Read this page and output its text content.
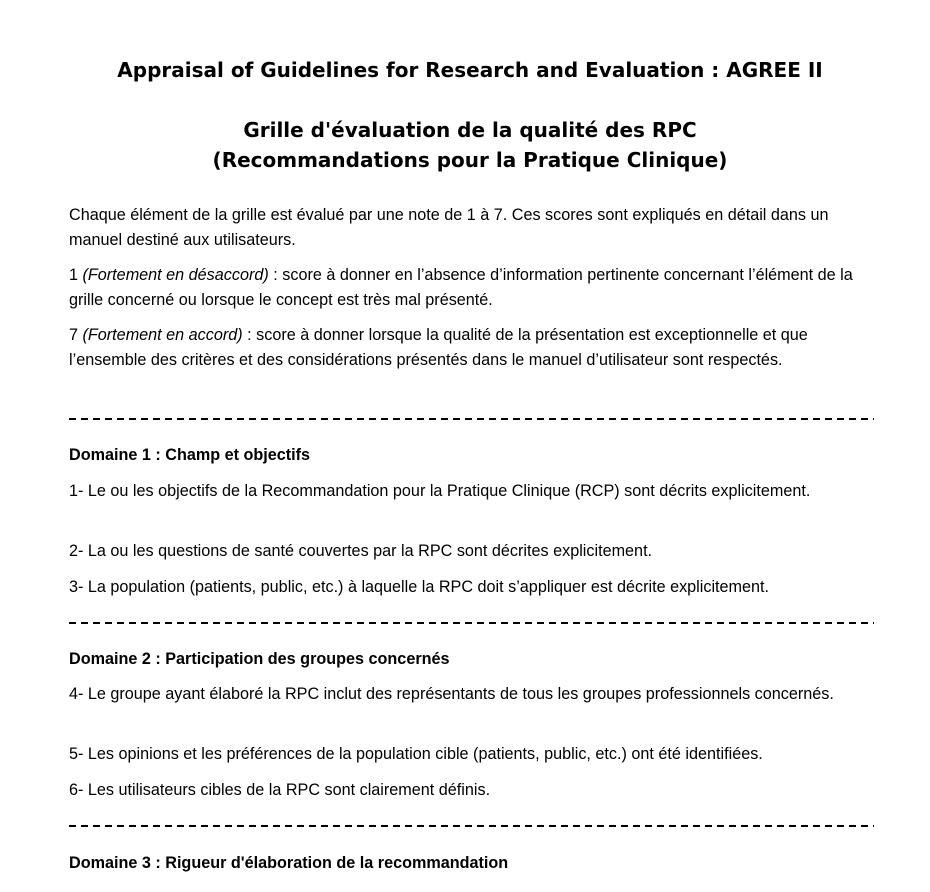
Appraisal of Guidelines for Research and Evaluation : AGREE II
Grille d'évaluation de la qualité des RPC
(Recommandations pour la Pratique Clinique)

Chaque élément de la grille est évalué par une note de 1 à 7. Ces scores sont expliqués en détail dans un manuel destiné aux utilisateurs.

1 (Fortement en désaccord) : score à donner en l’absence d’information pertinente concernant l’élément de la grille concerné ou lorsque le concept est très mal présenté.

7 (Fortement en accord) : score à donner lorsque la qualité de la présentation est exceptionnelle et que l’ensemble des critères et des considérations présentés dans le manuel d’utilisateur sont respectés.

Domaine 1 : Champ et objectifs

1- Le ou les objectifs de la Recommandation pour la Pratique Clinique (RCP) sont décrits explicitement.

2- La ou les questions de santé couvertes par la RPC sont décrites explicitement.

3- La population (patients, public, etc.) à laquelle la RPC doit s’appliquer est décrite explicitement.

Domaine 2 : Participation des groupes concernés

4- Le groupe ayant élaboré la RPC inclut des représentants de tous les groupes professionnels concernés.

5- Les opinions et les préférences de la population cible (patients, public, etc.) ont été identifiées.

6- Les utilisateurs cibles de la RPC sont clairement définis.

Domaine 3 : Rigueur d'élaboration de la recommandation
